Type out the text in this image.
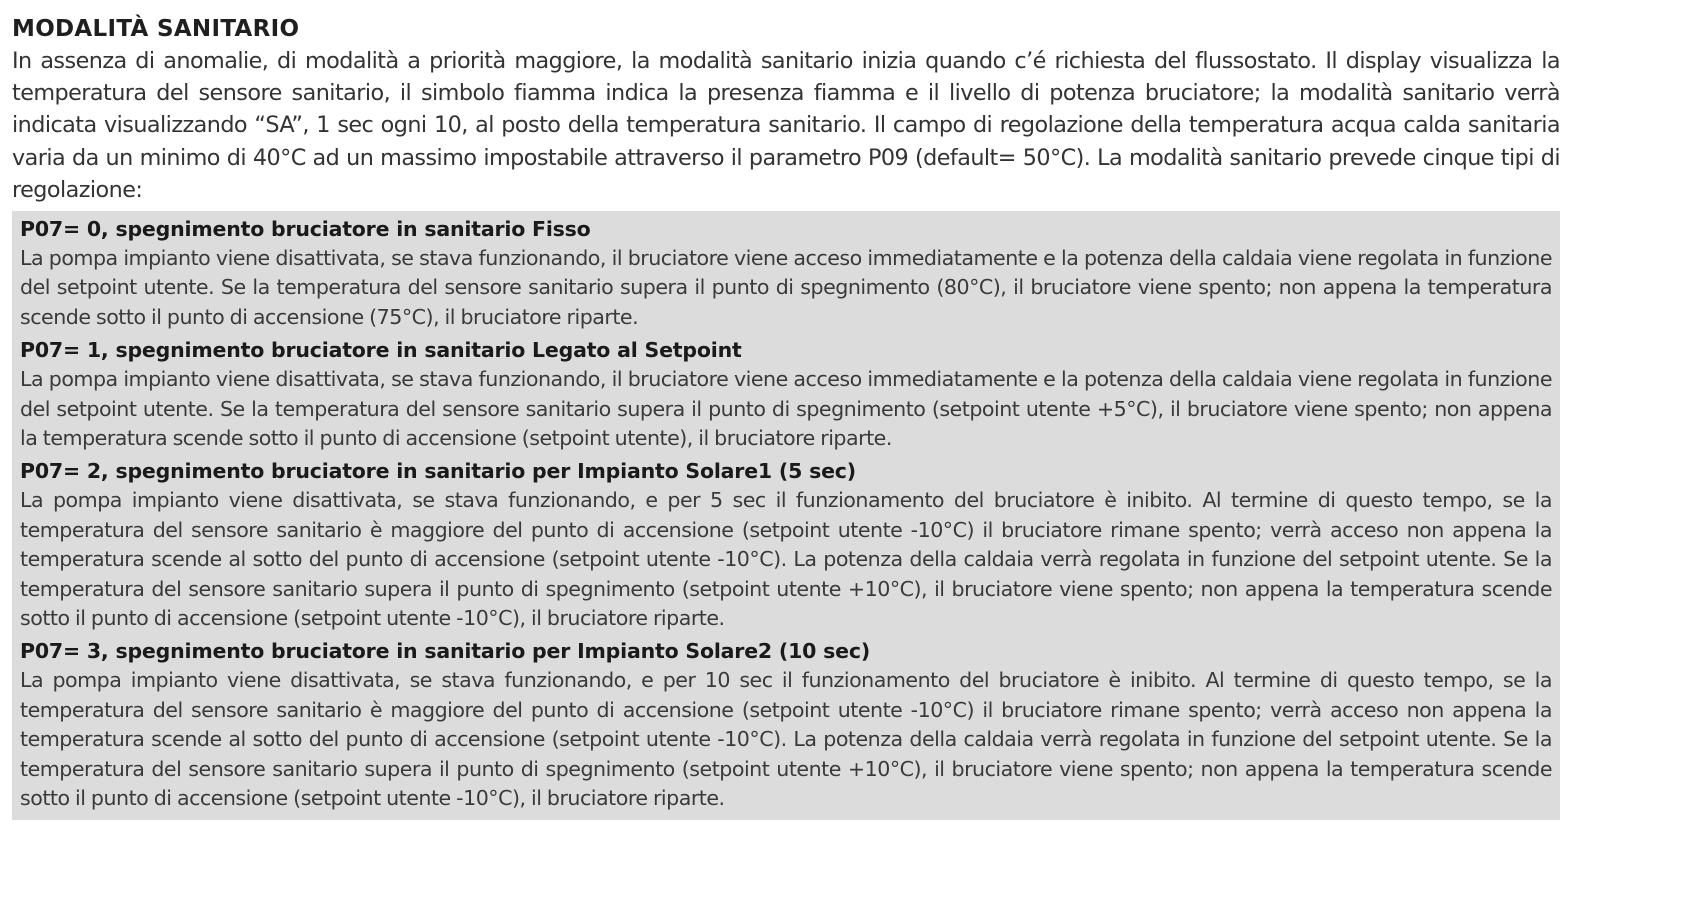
MODALITÀ SANITARIO

In assenza di anomalie, di modalità a priorità maggiore, la modalità sanitario inizia quando c’é richiesta del flussostato. Il display visualizza la temperatura del sensore sanitario, il simbolo fiamma indica la presenza fiamma e il livello di potenza bruciatore; la modalità sanitario verrà indicata visualizzando “SA”, 1 sec ogni 10, al posto della temperatura sanitario. Il campo di regolazione della temperatura acqua calda sanitaria varia da un minimo di 40°C ad un massimo impostabile attraverso il parametro P09 (default= 50°C). La modalità sanitario prevede cinque tipi di regolazione:

P07= 0, spegnimento bruciatore in sanitario Fisso

La pompa impianto viene disattivata, se stava funzionando, il bruciatore viene acceso immediatamente e la potenza della caldaia viene regolata in funzione del setpoint utente. Se la temperatura del sensore sanitario supera il punto di spegnimento (80°C), il bruciatore viene spento; non appena la temperatura scende sotto il punto di accensione (75°C), il bruciatore riparte.

P07= 1, spegnimento bruciatore in sanitario Legato al Setpoint

La pompa impianto viene disattivata, se stava funzionando, il bruciatore viene acceso immediatamente e la potenza della caldaia viene regolata in funzione del setpoint utente. Se la temperatura del sensore sanitario supera il punto di spegnimento (setpoint utente +5°C), il bruciatore viene spento; non appena la temperatura scende sotto il punto di accensione (setpoint utente), il bruciatore riparte.

P07= 2, spegnimento bruciatore in sanitario per Impianto Solare1 (5 sec)

La pompa impianto viene disattivata, se stava funzionando, e per 5 sec il funzionamento del bruciatore è inibito. Al termine di questo tempo, se la temperatura del sensore sanitario è maggiore del punto di accensione (setpoint utente -10°C) il bruciatore rimane spento; verrà acceso non appena la temperatura scende al sotto del punto di accensione (setpoint utente -10°C). La potenza della caldaia verrà regolata in funzione del setpoint utente. Se la temperatura del sensore sanitario supera il punto di spegnimento (setpoint utente +10°C), il bruciatore viene spento; non appena la temperatura scende sotto il punto di accensione (setpoint utente -10°C), il bruciatore riparte.

P07= 3, spegnimento bruciatore in sanitario per Impianto Solare2 (10 sec)

La pompa impianto viene disattivata, se stava funzionando, e per 10 sec il funzionamento del bruciatore è inibito. Al termine di questo tempo, se la temperatura del sensore sanitario è maggiore del punto di accensione (setpoint utente -10°C) il bruciatore rimane spento; verrà acceso non appena la temperatura scende al sotto del punto di accensione (setpoint utente -10°C). La potenza della caldaia verrà regolata in funzione del setpoint utente. Se la temperatura del sensore sanitario supera il punto di spegnimento (setpoint utente +10°C), il bruciatore viene spento; non appena la temperatura scende sotto il punto di accensione (setpoint utente -10°C), il bruciatore riparte.
